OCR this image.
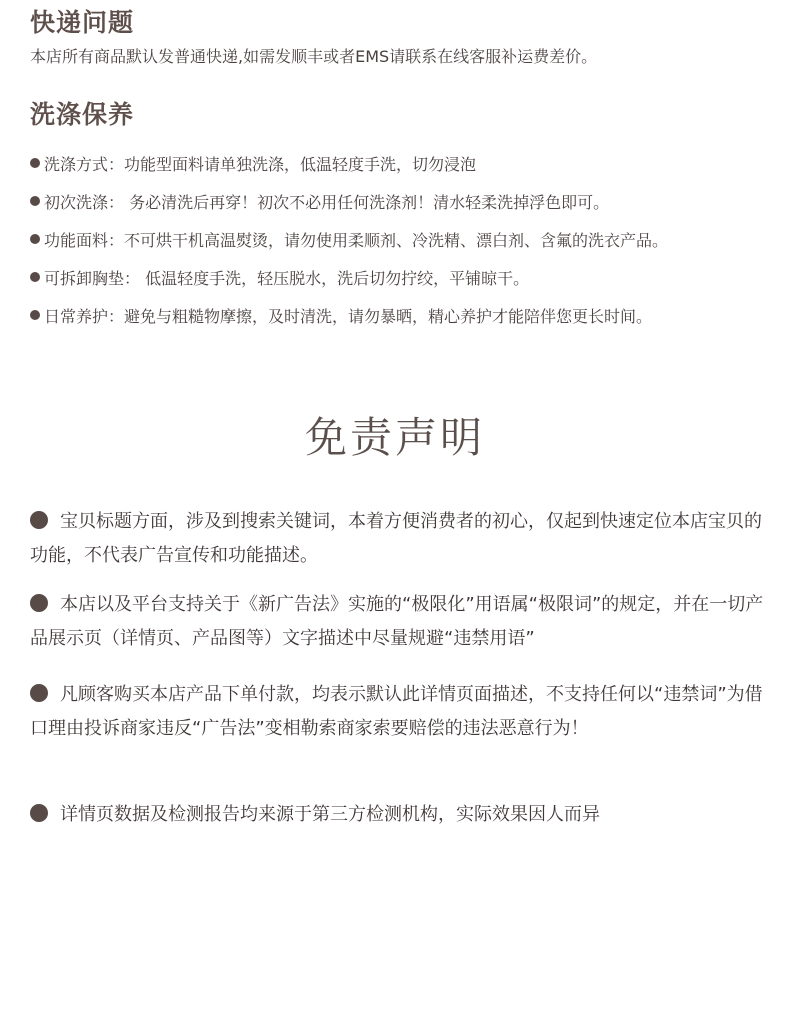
快递问题
本店所有商品默认发普通快递,如需发顺丰或者EMS请联系在线客服补运费差价。
洗涤保养
洗涤方式：功能型面料请单独洗涤，低温轻度手洗，切勿浸泡
初次洗涤： 务必清洗后再穿！初次不必用任何洗涤剂！清水轻柔洗掉浮色即可。
功能面料：不可烘干机高温熨烫，请勿使用柔顺剂、冷洗精、漂白剂、含氟的洗衣产品。
可拆卸胸垫： 低温轻度手洗，轻压脱水，洗后切勿拧绞，平铺晾干。
日常养护：避免与粗糙物摩擦，及时清洗，请勿暴晒，精心养护才能陪伴您更长时间。
免责声明

宝贝标题方面，涉及到搜索关键词，本着方便消费者的初心，仅起到快速定位本店宝贝的功能，不代表广告宣传和功能描述。

本店以及平台支持关于《新广告法》实施的“极限化”用语属“极限词”的规定，并在一切产品展示页（详情页、产品图等）文字描述中尽量规避“违禁用语”

凡顾客购买本店产品下单付款，均表示默认此详情页面描述，不支持任何以“违禁词”为借口理由投诉商家违反“广告法”变相勒索商家索要赔偿的违法恶意行为！

详情页数据及检测报告均来源于第三方检测机构，实际效果因人而异
